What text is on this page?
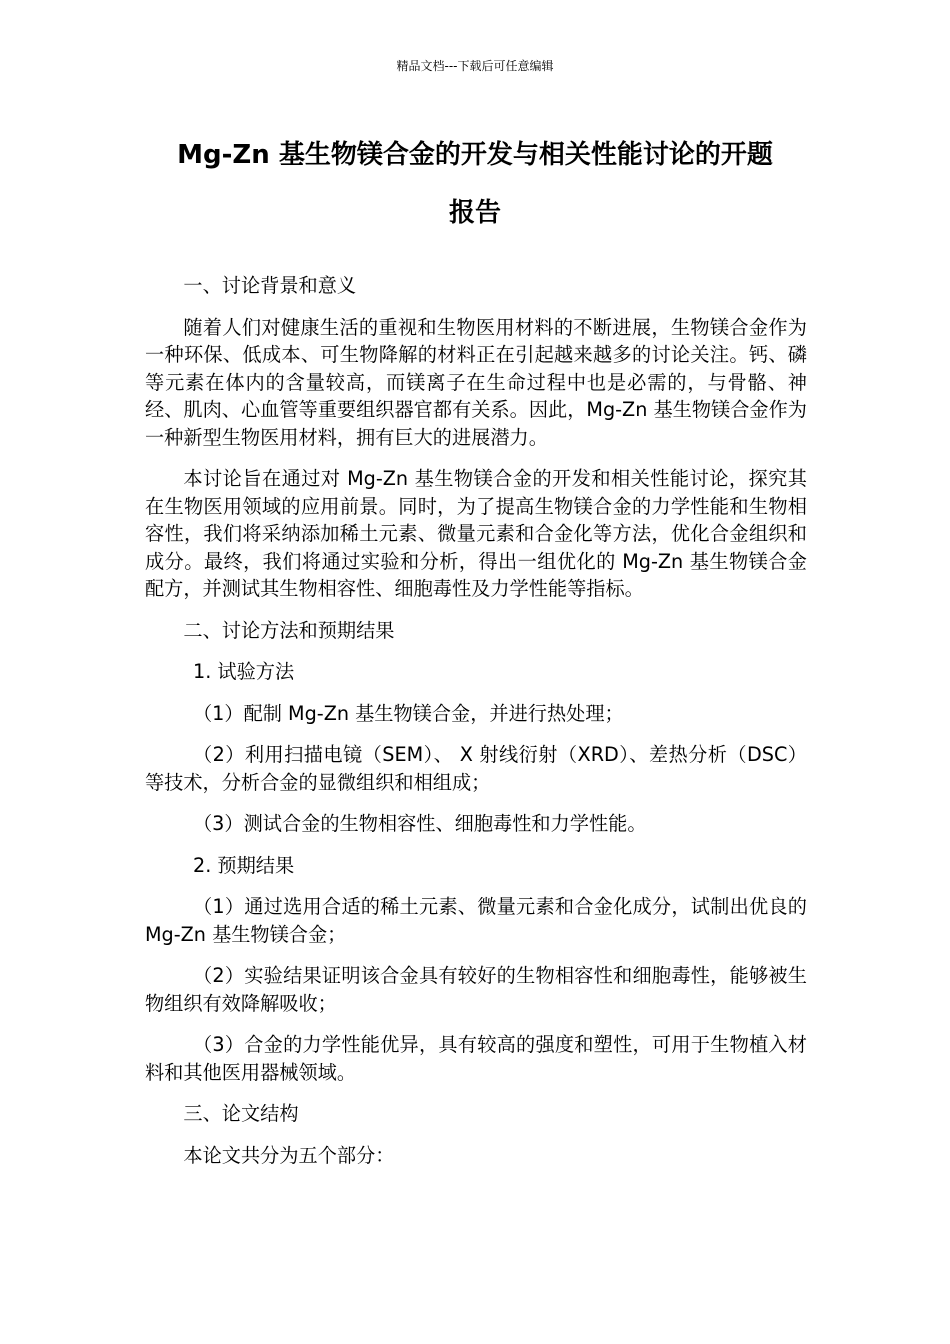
精品文档---下载后可任意编辑
Mg-Zn 基生物镁合金的开发与相关性能讨论的开题
报告

一、讨论背景和意义

随着人们对健康生活的重视和生物医用材料的不断进展，生物镁合金作为一种环保、低成本、可生物降解的材料正在引起越来越多的讨论关注。钙、磷等元素在体内的含量较高，而镁离子在生命过程中也是必需的，与骨骼、神经、肌肉、心血管等重要组织器官都有关系。因此，Mg-Zn 基生物镁合金作为一种新型生物医用材料，拥有巨大的进展潜力。

本讨论旨在通过对 Mg-Zn 基生物镁合金的开发和相关性能讨论，探究其在生物医用领域的应用前景。同时，为了提高生物镁合金的力学性能和生物相容性，我们将采纳添加稀土元素、微量元素和合金化等方法，优化合金组织和成分。最终，我们将通过实验和分析，得出一组优化的 Mg-Zn 基生物镁合金配方，并测试其生物相容性、细胞毒性及力学性能等指标。

二、讨论方法和预期结果

1. 试验方法

（1）配制 Mg-Zn 基生物镁合金，并进行热处理；

（2）利用扫描电镜（SEM）、 X 射线衍射（XRD）、差热分析（DSC）等技术，分析合金的显微组织和相组成；

（3）测试合金的生物相容性、细胞毒性和力学性能。

2. 预期结果

（1）通过选用合适的稀土元素、微量元素和合金化成分，试制出优良的 Mg-Zn 基生物镁合金；

（2）实验结果证明该合金具有较好的生物相容性和细胞毒性，能够被生物组织有效降解吸收；

（3）合金的力学性能优异，具有较高的强度和塑性，可用于生物植入材料和其他医用器械领域。

三、论文结构

本论文共分为五个部分：
